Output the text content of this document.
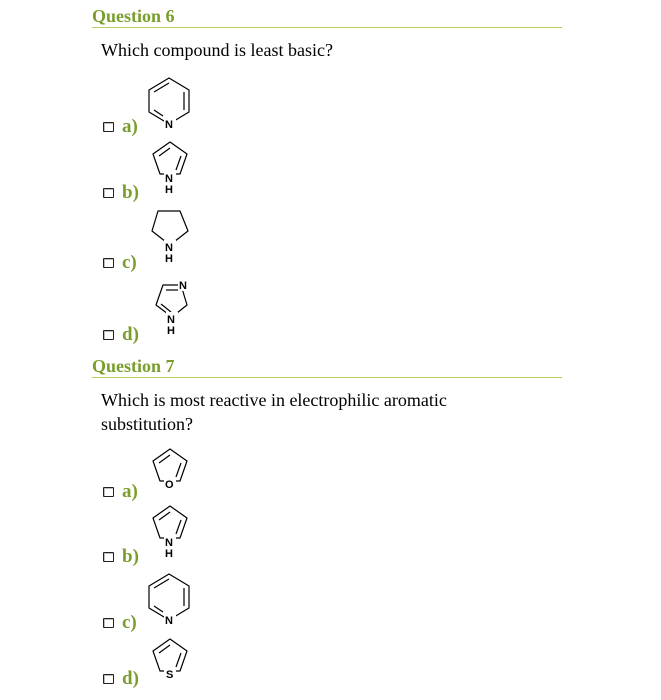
Question 6
Which compound is least basic?
a) N
b)
N
H
c)
N
H
d)
N
N
H
Question 7
Which is most reactive in electrophilic aromatic substitution?
a) O
b)
N
H
c)	N
d) S
